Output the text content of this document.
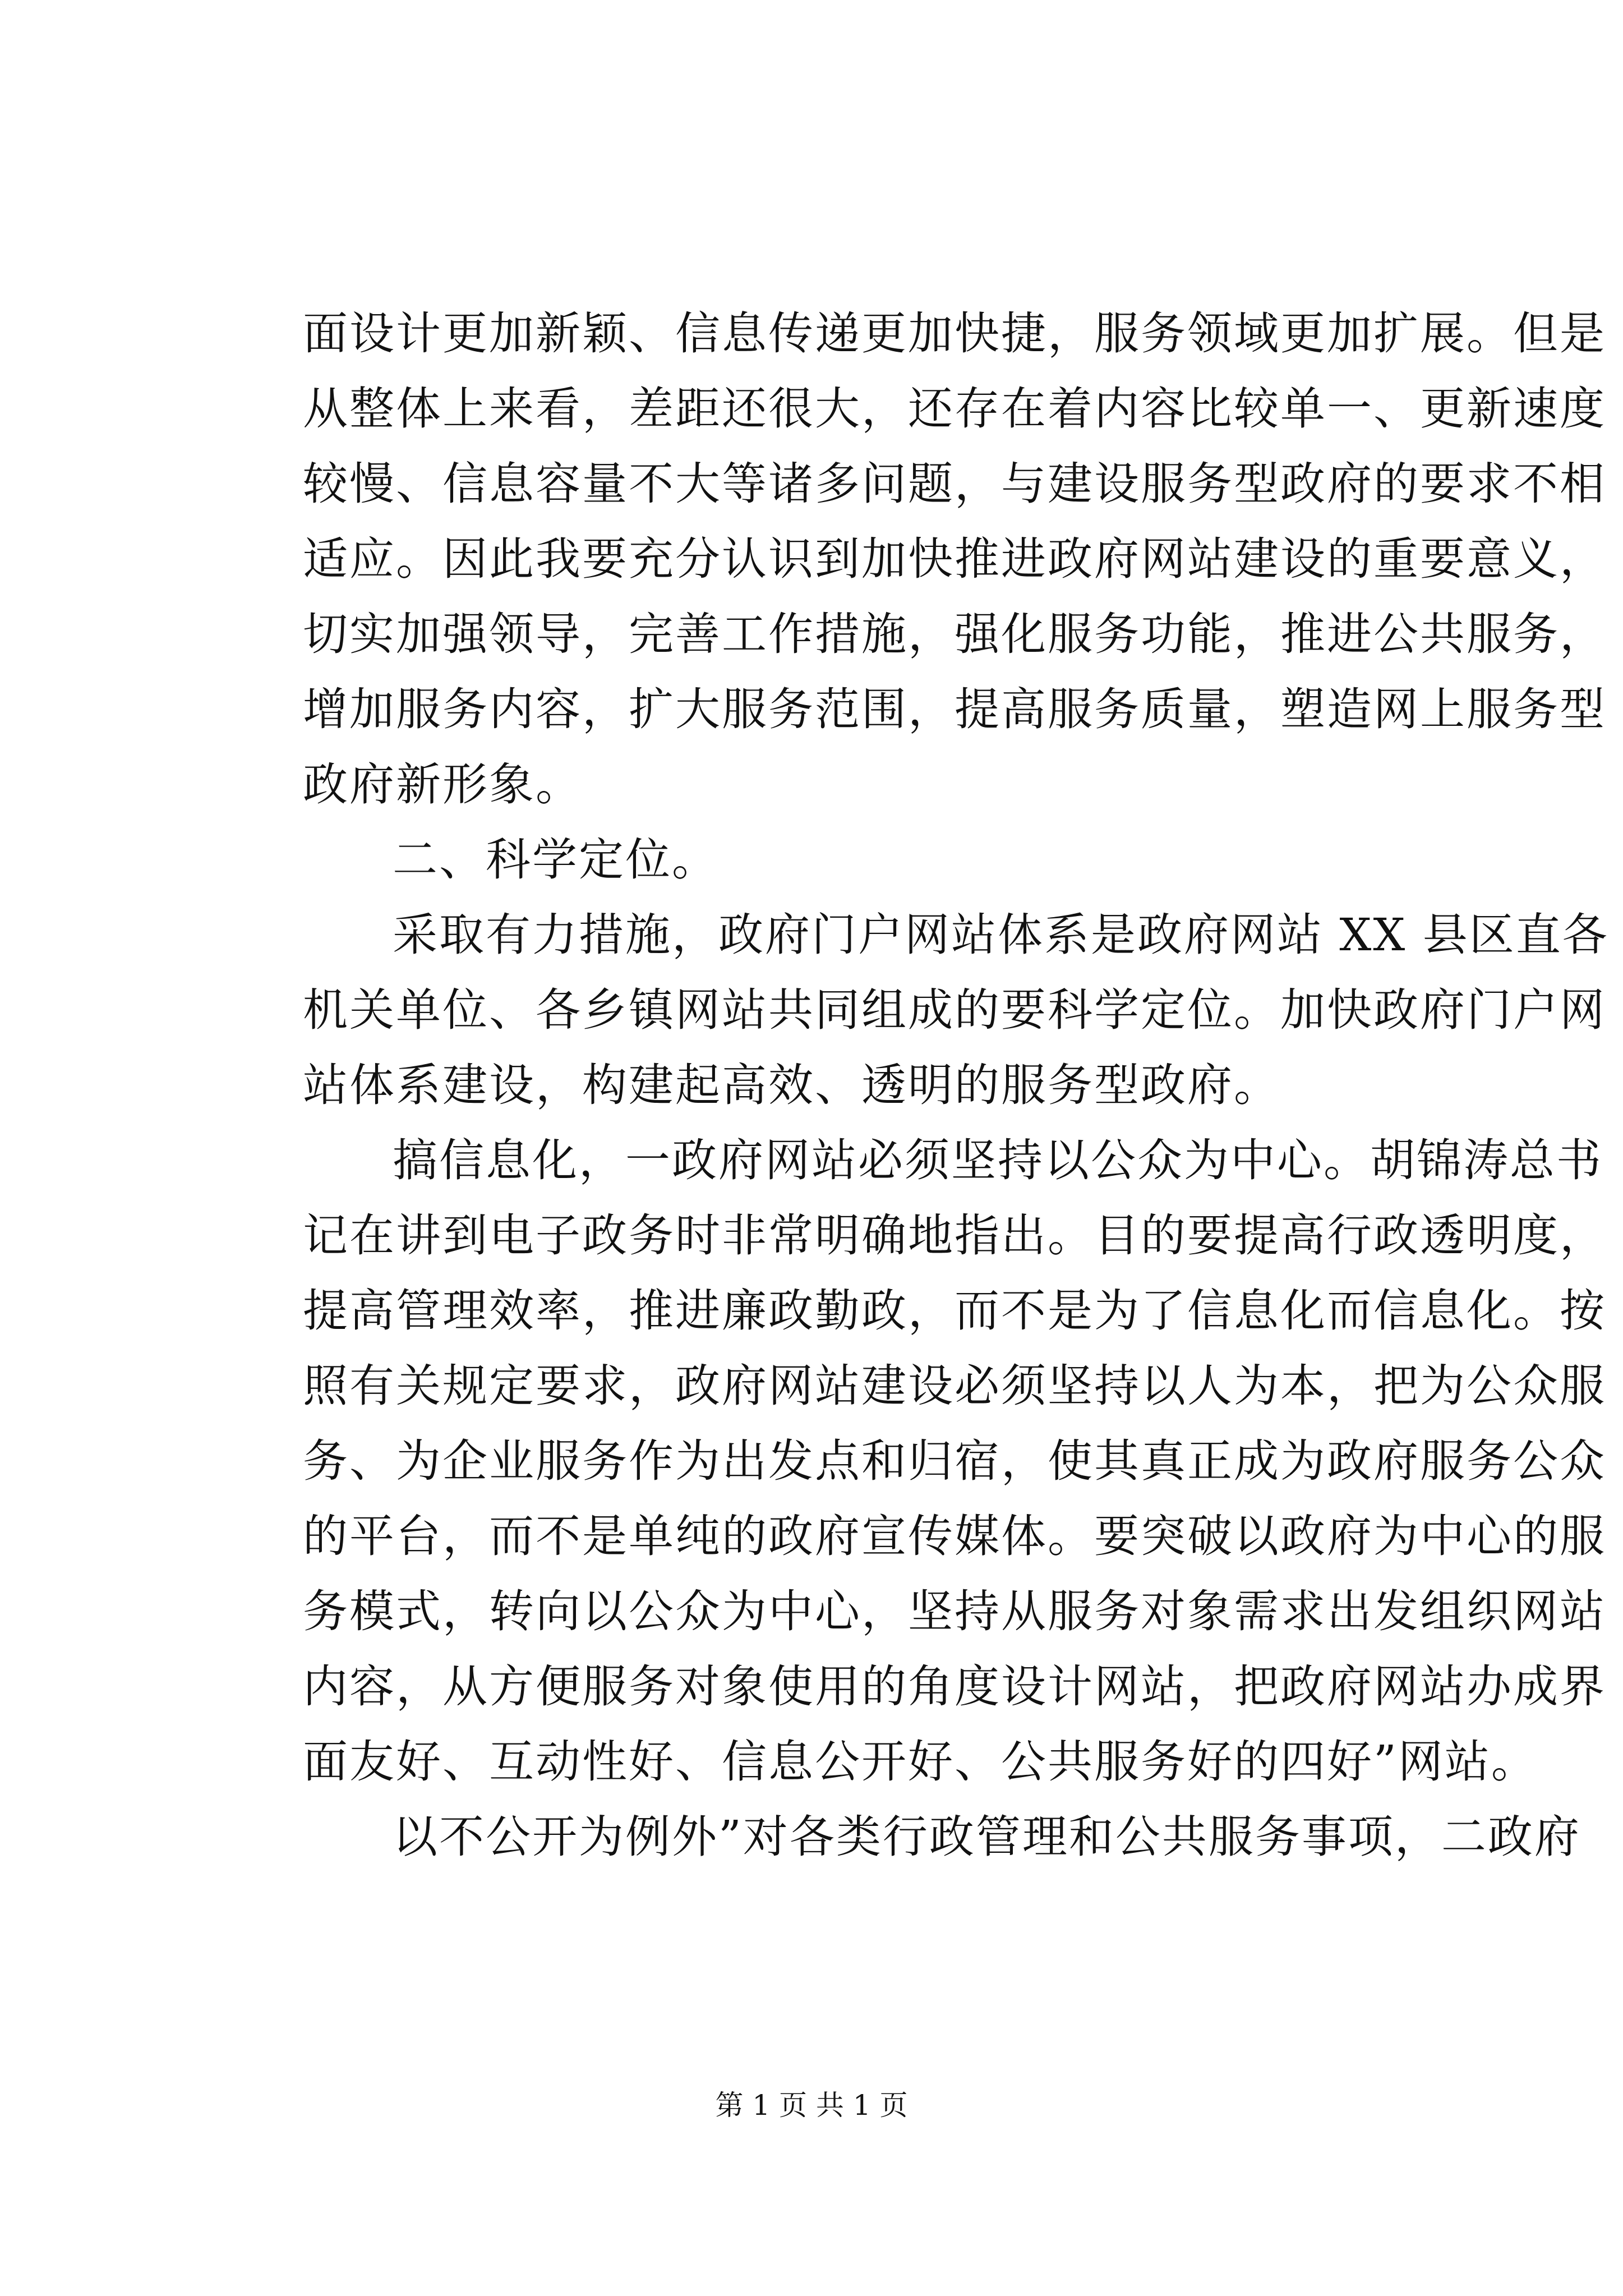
面设计更加新颖、信息传递更加快捷，服务领域更加扩展。但是

从整体上来看，差距还很大，还存在着内容比较单一、更新速度

较慢、信息容量不大等诸多问题，与建设服务型政府的要求不相

适应。因此我要充分认识到加快推进政府网站建设的重要意义，

切实加强领导，完善工作措施，强化服务功能，推进公共服务，

增加服务内容，扩大服务范围，提高服务质量，塑造网上服务型

政府新形象。

二、科学定位。

采取有力措施，政府门户网站体系是政府网站 XX 县区直各

机关单位、各乡镇网站共同组成的要科学定位。加快政府门户网

站体系建设，构建起高效、透明的服务型政府。

搞信息化，一政府网站必须坚持以公众为中心。胡锦涛总书

记在讲到电子政务时非常明确地指出。目的要提高行政透明度，

提高管理效率，推进廉政勤政，而不是为了信息化而信息化。按

照有关规定要求，政府网站建设必须坚持以人为本，把为公众服

务、为企业服务作为出发点和归宿，使其真正成为政府服务公众

的平台，而不是单纯的政府宣传媒体。要突破以政府为中心的服

务模式，转向以公众为中心，坚持从服务对象需求出发组织网站

内容，从方便服务对象使用的角度设计网站，把政府网站办成界

面友好、互动性好、信息公开好、公共服务好的四好”网站。

以不公开为例外”对各类行政管理和公共服务事项，二政府

第 1 页 共 1 页
